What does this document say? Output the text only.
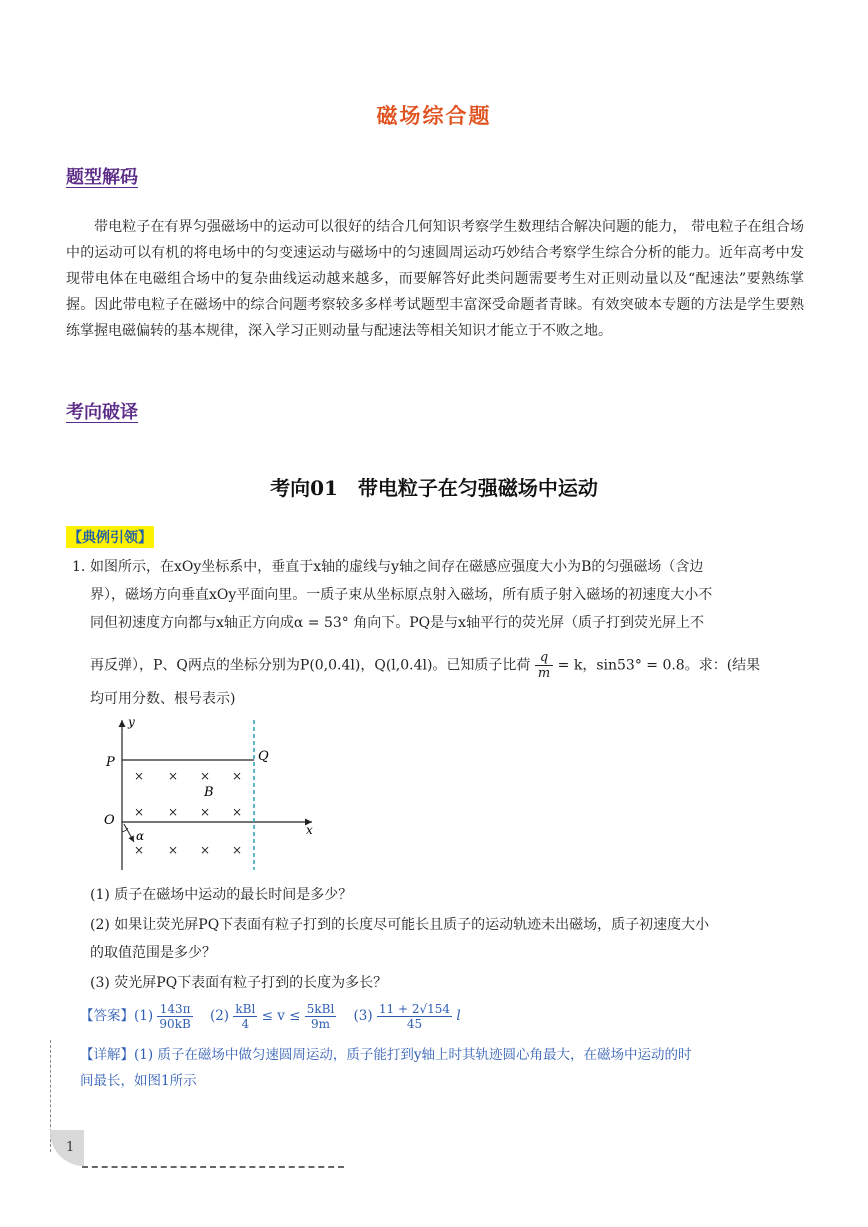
磁场综合题
题型解码
带电粒子在有界匀强磁场中的运动可以很好的结合几何知识考察学生数理结合解决问题的能力， 带电粒子在组合场中的运动可以有机的将电场中的匀变速运动与磁场中的匀速圆周运动巧妙结合考察学生综合分析的能力。近年高考中发现带电体在电磁组合场中的复杂曲线运动越来越多，而要解答好此类问题需要考生对正则动量以及“配速法”要熟练掌握。因此带电粒子在磁场中的综合问题考察较多多样考试题型丰富深受命题者青睐。有效突破本专题的方法是学生要熟练掌握电磁偏转的基本规律，深入学习正则动量与配速法等相关知识才能立于不败之地。
考向破译
考向01　带电粒子在匀强磁场中运动
【典例引领】
1. 如图所示，在xOy坐标系中，垂直于x轴的虚线与y轴之间存在磁感应强度大小为B的匀强磁场（含边
界），磁场方向垂直xOy平面向里。一质子束从坐标原点射入磁场，所有质子射入磁场的初速度大小不
同但初速度方向都与x轴正方向成α = 53° 角向下。PQ是与x轴平行的荧光屏（质子打到荧光屏上不
再反弹），P、Q两点的坐标分别为P(0,0.4l)，Q(l,0.4l)。已知质子比荷 $\frac{q}{m} = k$，sin53° = 0.8。求：(结果
均可用分数、根号表示)
y
x
P	Q
O
B
α
× × × ×
× × × ×
× × × ×
(1) 质子在磁场中运动的最长时间是多少？
(2) 如果让荧光屏PQ下表面有粒子打到的长度尽可能长且质子的运动轨迹未出磁场，质子初速度大小
的取值范围是多少？
(3) 荧光屏PQ下表面有粒子打到的长度为多长？
【答案】$(1) \frac{143\pi}{90kB} (2) \frac{\text{kBl}}{4} \le v \le \frac{\text{5kBl}}{9m} (3) \frac{11 + 2√154}{45}$ l
【详解】(1) 质子在磁场中做匀速圆周运动，质子能打到y轴上时其轨迹圆心角最大，在磁场中运动的时
间最长，如图1所示
1
